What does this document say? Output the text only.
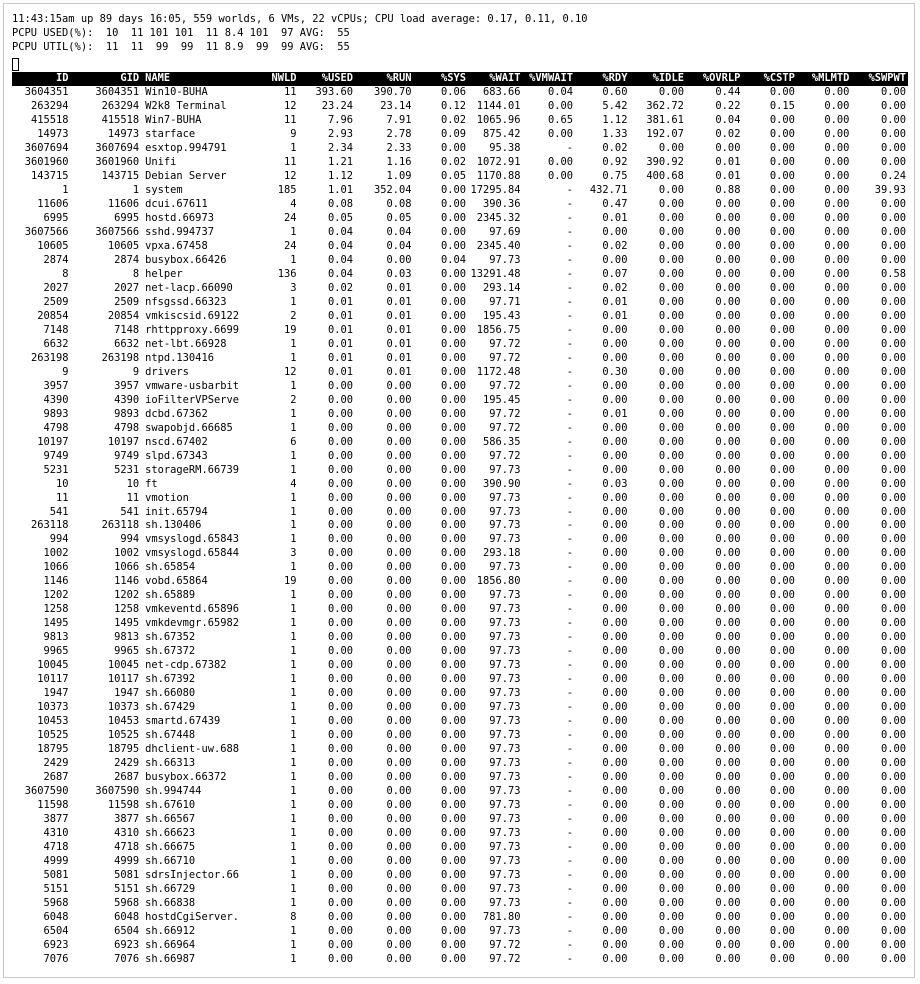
11:43:15am up 89 days 16:05, 559 worlds, 6 VMs, 22 vCPUs; CPU load average: 0.17, 0.11, 0.10
PCPU USED(%):  10  11 101 101  11 8.4 101  97 AVG:  55
PCPU UTIL(%):  11  11  99  99  11 8.9  99  99 AVG:  55
ID	GID	NAME	NWLD	%USED	%RUN	%SYS	%WAIT	%VMWAIT	%RDY	%IDLE	%OVRLP	%CSTP	%MLMTD	%SWPWT
3604351	3604351	Win10-BUHA	11	393.60	390.70	0.06	683.66	0.04	0.60	0.00	0.44	0.00	0.00	0.00
263294	263294	W2k8 Terminal	12	23.24	23.14	0.12	1144.01	0.00	5.42	362.72	0.22	0.15	0.00	0.00
415518	415518	Win7-BUHA	11	7.96	7.91	0.02	1065.96	0.65	1.12	381.61	0.04	0.00	0.00	0.00
14973	14973	starface	9	2.93	2.78	0.09	875.42	0.00	1.33	192.07	0.02	0.00	0.00	0.00
3607694	3607694	esxtop.994791	1	2.34	2.33	0.00	95.38	-	0.02	0.00	0.00	0.00	0.00	0.00
3601960	3601960	Unifi	11	1.21	1.16	0.02	1072.91	0.00	0.92	390.92	0.01	0.00	0.00	0.00
143715	143715	Debian Server	12	1.12	1.09	0.05	1170.88	0.00	0.75	400.68	0.01	0.00	0.00	0.24
1	1	system	185	1.01	352.04	0.00	17295.84	-	432.71	0.00	0.88	0.00	0.00	39.93
11606	11606	dcui.67611	4	0.08	0.08	0.00	390.36	-	0.47	0.00	0.00	0.00	0.00	0.00
6995	6995	hostd.66973	24	0.05	0.05	0.00	2345.32	-	0.01	0.00	0.00	0.00	0.00	0.00
3607566	3607566	sshd.994737	1	0.04	0.04	0.00	97.69	-	0.00	0.00	0.00	0.00	0.00	0.00
10605	10605	vpxa.67458	24	0.04	0.04	0.00	2345.40	-	0.02	0.00	0.00	0.00	0.00	0.00
2874	2874	busybox.66426	1	0.04	0.00	0.04	97.73	-	0.00	0.00	0.00	0.00	0.00	0.00
8	8	helper	136	0.04	0.03	0.00	13291.48	-	0.07	0.00	0.00	0.00	0.00	0.58
2027	2027	net-lacp.66090	3	0.02	0.01	0.00	293.14	-	0.02	0.00	0.00	0.00	0.00	0.00
2509	2509	nfsgssd.66323	1	0.01	0.01	0.00	97.71	-	0.01	0.00	0.00	0.00	0.00	0.00
20854	20854	vmkiscsid.69122	2	0.01	0.01	0.00	195.43	-	0.01	0.00	0.00	0.00	0.00	0.00
7148	7148	rhttpproxy.6699	19	0.01	0.01	0.00	1856.75	-	0.00	0.00	0.00	0.00	0.00	0.00
6632	6632	net-lbt.66928	1	0.01	0.01	0.00	97.72	-	0.00	0.00	0.00	0.00	0.00	0.00
263198	263198	ntpd.130416	1	0.01	0.01	0.00	97.72	-	0.00	0.00	0.00	0.00	0.00	0.00
9	9	drivers	12	0.01	0.01	0.00	1172.48	-	0.30	0.00	0.00	0.00	0.00	0.00
3957	3957	vmware-usbarbit	1	0.00	0.00	0.00	97.72	-	0.00	0.00	0.00	0.00	0.00	0.00
4390	4390	ioFilterVPServe	2	0.00	0.00	0.00	195.45	-	0.00	0.00	0.00	0.00	0.00	0.00
9893	9893	dcbd.67362	1	0.00	0.00	0.00	97.72	-	0.01	0.00	0.00	0.00	0.00	0.00
4798	4798	swapobjd.66685	1	0.00	0.00	0.00	97.72	-	0.00	0.00	0.00	0.00	0.00	0.00
10197	10197	nscd.67402	6	0.00	0.00	0.00	586.35	-	0.00	0.00	0.00	0.00	0.00	0.00
9749	9749	slpd.67343	1	0.00	0.00	0.00	97.72	-	0.00	0.00	0.00	0.00	0.00	0.00
5231	5231	storageRM.66739	1	0.00	0.00	0.00	97.73	-	0.00	0.00	0.00	0.00	0.00	0.00
10	10	ft	4	0.00	0.00	0.00	390.90	-	0.03	0.00	0.00	0.00	0.00	0.00
11	11	vmotion	1	0.00	0.00	0.00	97.73	-	0.00	0.00	0.00	0.00	0.00	0.00
541	541	init.65794	1	0.00	0.00	0.00	97.73	-	0.00	0.00	0.00	0.00	0.00	0.00
263118	263118	sh.130406	1	0.00	0.00	0.00	97.73	-	0.00	0.00	0.00	0.00	0.00	0.00
994	994	vmsyslogd.65843	1	0.00	0.00	0.00	97.73	-	0.00	0.00	0.00	0.00	0.00	0.00
1002	1002	vmsyslogd.65844	3	0.00	0.00	0.00	293.18	-	0.00	0.00	0.00	0.00	0.00	0.00
1066	1066	sh.65854	1	0.00	0.00	0.00	97.73	-	0.00	0.00	0.00	0.00	0.00	0.00
1146	1146	vobd.65864	19	0.00	0.00	0.00	1856.80	-	0.00	0.00	0.00	0.00	0.00	0.00
1202	1202	sh.65889	1	0.00	0.00	0.00	97.73	-	0.00	0.00	0.00	0.00	0.00	0.00
1258	1258	vmkeventd.65896	1	0.00	0.00	0.00	97.73	-	0.00	0.00	0.00	0.00	0.00	0.00
1495	1495	vmkdevmgr.65982	1	0.00	0.00	0.00	97.73	-	0.00	0.00	0.00	0.00	0.00	0.00
9813	9813	sh.67352	1	0.00	0.00	0.00	97.73	-	0.00	0.00	0.00	0.00	0.00	0.00
9965	9965	sh.67372	1	0.00	0.00	0.00	97.73	-	0.00	0.00	0.00	0.00	0.00	0.00
10045	10045	net-cdp.67382	1	0.00	0.00	0.00	97.73	-	0.00	0.00	0.00	0.00	0.00	0.00
10117	10117	sh.67392	1	0.00	0.00	0.00	97.73	-	0.00	0.00	0.00	0.00	0.00	0.00
1947	1947	sh.66080	1	0.00	0.00	0.00	97.73	-	0.00	0.00	0.00	0.00	0.00	0.00
10373	10373	sh.67429	1	0.00	0.00	0.00	97.73	-	0.00	0.00	0.00	0.00	0.00	0.00
10453	10453	smartd.67439	1	0.00	0.00	0.00	97.73	-	0.00	0.00	0.00	0.00	0.00	0.00
10525	10525	sh.67448	1	0.00	0.00	0.00	97.73	-	0.00	0.00	0.00	0.00	0.00	0.00
18795	18795	dhclient-uw.688	1	0.00	0.00	0.00	97.73	-	0.00	0.00	0.00	0.00	0.00	0.00
2429	2429	sh.66313	1	0.00	0.00	0.00	97.73	-	0.00	0.00	0.00	0.00	0.00	0.00
2687	2687	busybox.66372	1	0.00	0.00	0.00	97.73	-	0.00	0.00	0.00	0.00	0.00	0.00
3607590	3607590	sh.994744	1	0.00	0.00	0.00	97.73	-	0.00	0.00	0.00	0.00	0.00	0.00
11598	11598	sh.67610	1	0.00	0.00	0.00	97.73	-	0.00	0.00	0.00	0.00	0.00	0.00
3877	3877	sh.66567	1	0.00	0.00	0.00	97.73	-	0.00	0.00	0.00	0.00	0.00	0.00
4310	4310	sh.66623	1	0.00	0.00	0.00	97.73	-	0.00	0.00	0.00	0.00	0.00	0.00
4718	4718	sh.66675	1	0.00	0.00	0.00	97.73	-	0.00	0.00	0.00	0.00	0.00	0.00
4999	4999	sh.66710	1	0.00	0.00	0.00	97.73	-	0.00	0.00	0.00	0.00	0.00	0.00
5081	5081	sdrsInjector.66	1	0.00	0.00	0.00	97.73	-	0.00	0.00	0.00	0.00	0.00	0.00
5151	5151	sh.66729	1	0.00	0.00	0.00	97.73	-	0.00	0.00	0.00	0.00	0.00	0.00
5968	5968	sh.66838	1	0.00	0.00	0.00	97.73	-	0.00	0.00	0.00	0.00	0.00	0.00
6048	6048	hostdCgiServer.	8	0.00	0.00	0.00	781.80	-	0.00	0.00	0.00	0.00	0.00	0.00
6504	6504	sh.66912	1	0.00	0.00	0.00	97.73	-	0.00	0.00	0.00	0.00	0.00	0.00
6923	6923	sh.66964	1	0.00	0.00	0.00	97.72	-	0.00	0.00	0.00	0.00	0.00	0.00
7076	7076	sh.66987	1	0.00	0.00	0.00	97.72	-	0.00	0.00	0.00	0.00	0.00	0.00
